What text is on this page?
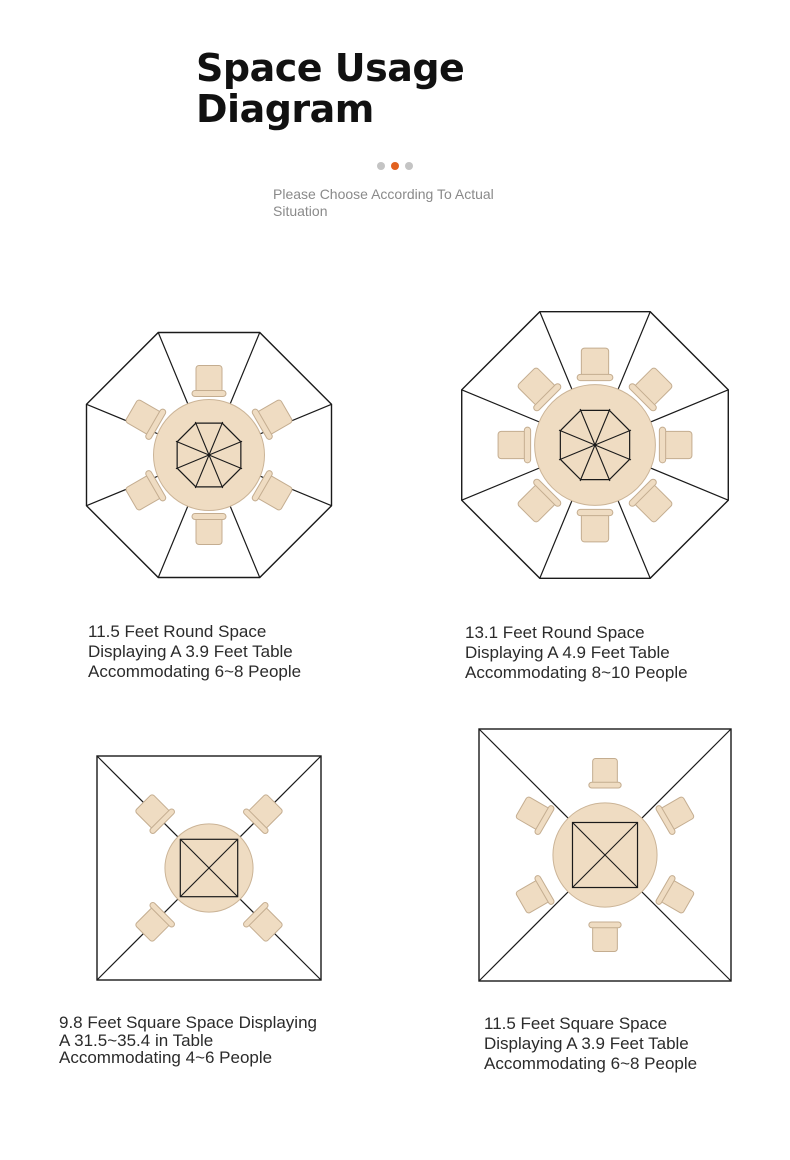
Space Usage
Diagram
Please Choose According To Actual
Situation
11.5 Feet Round Space
Displaying A 3.9 Feet Table
Accommodating 6~8 People
13.1 Feet Round Space
Displaying A 4.9 Feet Table
Accommodating 8~10 People
9.8 Feet Square Space Displaying
A 31.5~35.4 in Table
Accommodating 4~6 People
11.5 Feet Square Space
Displaying A 3.9 Feet Table
Accommodating 6~8 People
